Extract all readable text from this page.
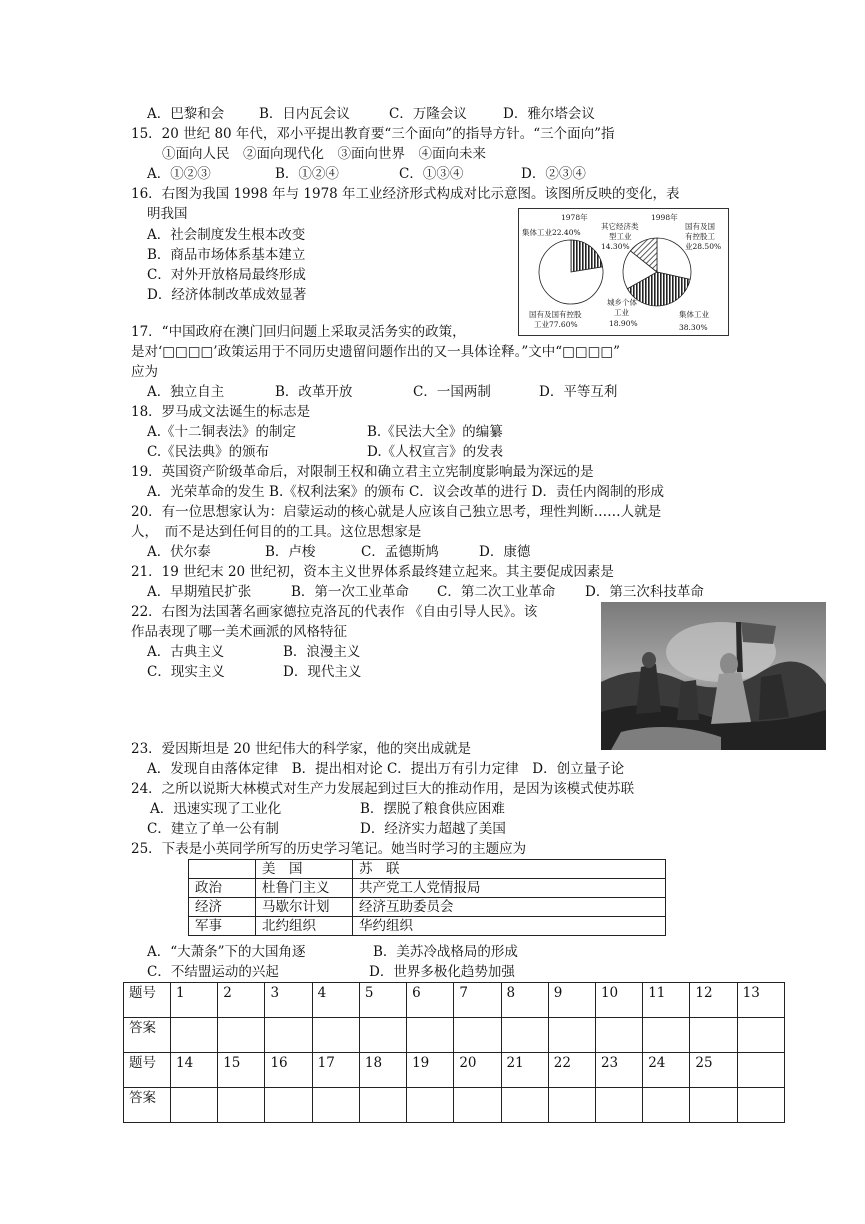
A．巴黎和会	B．日内瓦会议	C．万隆会议	D．雅尔塔会议
15．20 世纪 80 年代，邓小平提出教育要“三个面向”的指导方针。“三个面向”指
①面向人民　②面向现代化　③面向世界　④面向未来
A．①②③	B．①②④	C．①③④	D．②③④
16．右图为我国 1998 年与 1978 年工业经济形式构成对比示意图。该图所反映的变化，表
明我国
A．社会制度发生根本改变
B．商品市场体系基本建立
C．对外开放格局最终形成
D．经济体制改革成效显著
1978年	1998年
集体工业22.40%
国有及国有控股
工业77.60%
其它经济类
型工业
14.30%
国有及国
有控股工
业28.50%
城乡个体
工业
18.90%
集体工业
38.30%
17．“中国政府在澳门回归问题上采取灵活务实的政策，
是对‘□□□□’政策运用于不同历史遗留问题作出的又一具体诠释。”文中“□□□□”
应为
A．独立自主	B．改革开放	C．一国两制	D．平等互利
18．罗马成文法诞生的标志是
A.《十二铜表法》的制定	B.《民法大全》的编纂
C.《民法典》的颁布	D.《人权宣言》的发表
19．英国资产阶级革命后，对限制王权和确立君主立宪制度影响最为深远的是
A．光荣革命的发生 B.《权利法案》的颁布 C．议会改革的进行 D．责任内阁制的形成
20．有一位思想家认为：启蒙运动的核心就是人应该自己独立思考，理性判断……人就是
人，　而不是达到任何目的的工具。这位思想家是
A．伏尔泰	B．卢梭	C．孟德斯鸠	D．康德
21．19 世纪末 20 世纪初，资本主义世界体系最终建立起来。其主要促成因素是
A．早期殖民扩张	B．第一次工业革命 C．第二次工业革命 D．第三次科技革命
22．右图为法国著名画家德拉克洛瓦的代表作 《自由引导人民》。该
作品表现了哪一美术画派的风格特征
A．古典主义	B．浪漫主义
C．现实主义	D．现代主义
23．爱因斯坦是 20 世纪伟大的科学家，他的突出成就是
A．发现自由落体定律　B．提出相对论 C．提出万有引力定律　D．创立量子论
24．之所以说斯大林模式对生产力发展起到过巨大的推动作用，是因为该模式使苏联
A．迅速实现了工业化	B．摆脱了粮食供应困难
C．建立了单一公有制	D．经济实力超越了美国
25．下表是小英同学所写的历史学习笔记。她当时学习的主题应为
	美　国	苏　联
政治	杜鲁门主义	共产党工人党情报局
经济	马歇尔计划	经济互助委员会
军事	北约组织	华约组织
A．“大萧条”下的大国角逐	B．美苏冷战格局的形成
C．不结盟运动的兴起	D．世界多极化趋势加强
题号	1	2	3	4	5	6	7	8	9	10	11	12	13
答案													
题号	14	15	16	17	18	19	20	21	22	23	24	25	
答案													
